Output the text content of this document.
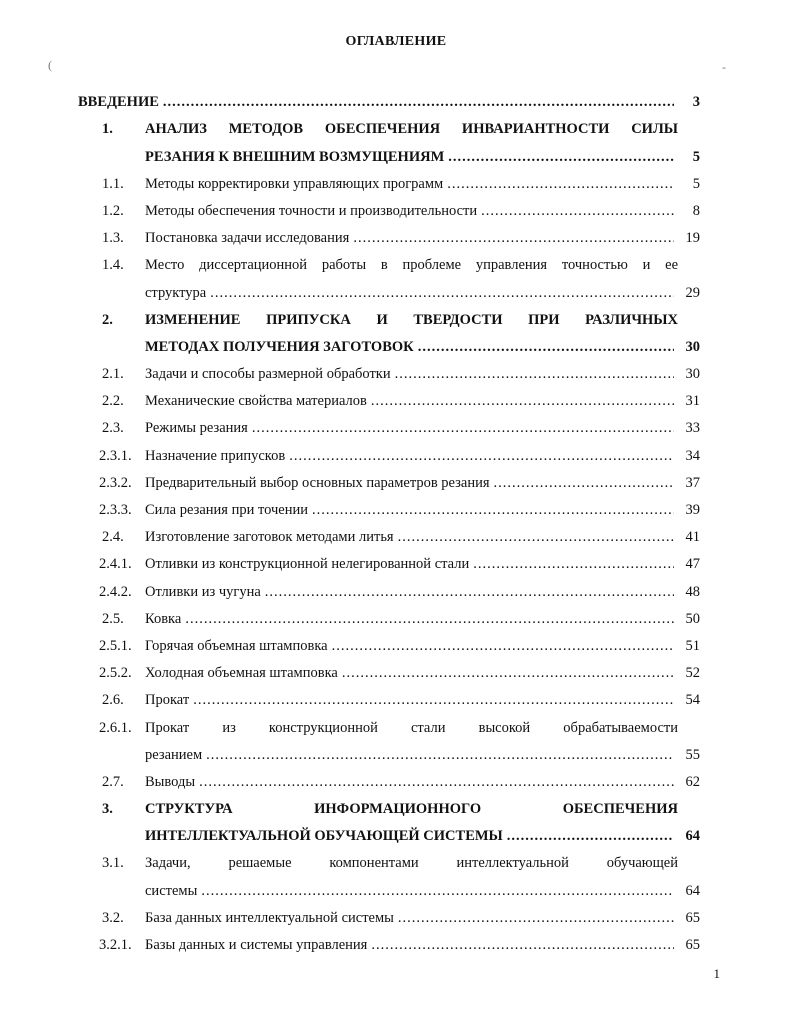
ОГЛАВЛЕНИЕ
(	-
ВВЕДЕНИЕ .....	3
1.	АНАЛИЗ МЕТОДОВ ОБЕСПЕЧЕНИЯ ИНВАРИАНТНОСТИ СИЛЫ
РЕЗАНИЯ К ВНЕШНИМ ВОЗМУЩЕНИЯМ .....	5
1.1.	Методы корректировки управляющих программ .....	5
1.2.	Методы обеспечения точности и производительности .....	8
1.3.	Постановка задачи исследования .....	19
1.4.	Место диссертационной работы в проблеме управления точностью и ее
структура .....	29
2.	ИЗМЕНЕНИЕ ПРИПУСКА И ТВЕРДОСТИ ПРИ РАЗЛИЧНЫХ
МЕТОДАХ ПОЛУЧЕНИЯ ЗАГОТОВОК .....	30
2.1.	Задачи и способы размерной обработки .....	30
2.2.	Механические свойства материалов .....	31
2.3.	Режимы резания .....	33
2.3.1. Назначение припусков .....	34
2.3.2. Предварительный выбор основных параметров резания .....	37
2.3.3. Сила резания при точении .....	39
2.4.	Изготовление заготовок методами литья .....	41
2.4.1. Отливки из конструкционной нелегированной стали .....	47
2.4.2. Отливки из чугуна .....	48
2.5.	Ковка .....	50
2.5.1. Горячая объемная штамповка .....	51
2.5.2. Холодная объемная штамповка .....	52
2.6.	Прокат .....	54
2.6.1. Прокат из конструкционной стали высокой обрабатываемости
резанием .....	55
2.7.	Выводы .....	62
3.	СТРУКТУРА ИНФОРМАЦИОННОГО ОБЕСПЕЧЕНИЯ
ИНТЕЛЛЕКТУАЛЬНОЙ ОБУЧАЮЩЕЙ СИСТЕМЫ .....	64
3.1.	Задачи, решаемые компонентами интеллектуальной обучающей
системы .....	64
3.2.	База данных интеллектуальной системы .....	65
3.2.1. Базы данных и системы управления .....	65
1
